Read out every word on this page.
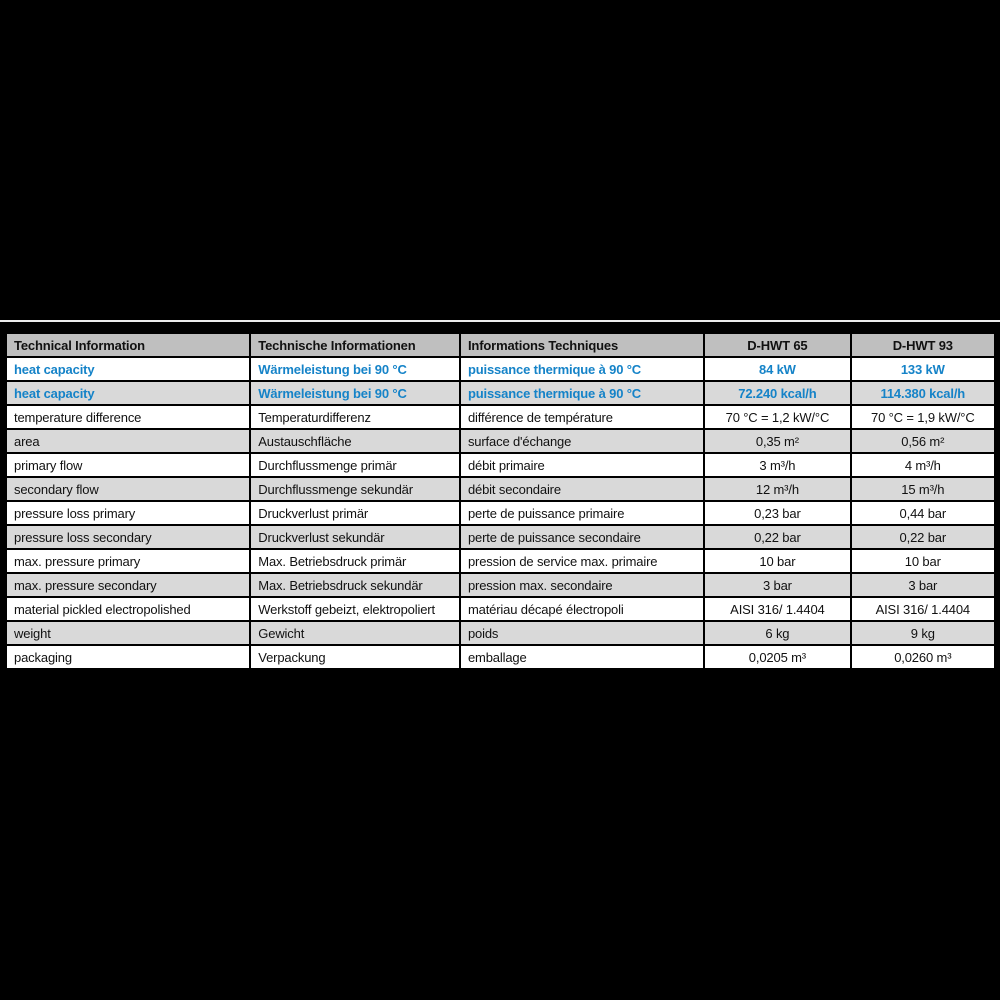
Technical Information	Technische Informationen	Informations Techniques	D-HWT 65	D-HWT 93
heat capacity	Wärmeleistung bei 90 °C	puissance thermique à 90 °C	84 kW	133 kW
heat capacity	Wärmeleistung bei 90 °C	puissance thermique à 90 °C	72.240 kcal/h	114.380 kcal/h
temperature difference	Temperaturdifferenz	différence de température	70 °C = 1,2 kW/°C	70 °C = 1,9 kW/°C
area	Austauschfläche	surface d'échange	0,35 m²	0,56 m²
primary flow	Durchflussmenge primär	débit primaire	3 m³/h	4 m³/h
secondary flow	Durchflussmenge sekundär	débit secondaire	12 m³/h	15 m³/h
pressure loss primary	Druckverlust primär	perte de puissance primaire	0,23 bar	0,44 bar
pressure loss secondary	Druckverlust sekundär	perte de puissance secondaire	0,22 bar	0,22 bar
max. pressure primary	Max. Betriebsdruck primär	pression de service max. primaire	10 bar	10 bar
max. pressure secondary	Max. Betriebsdruck sekundär	pression max. secondaire	3 bar	3 bar
material pickled electropolished	Werkstoff gebeizt, elektropoliert	matériau décapé électropoli	AISI 316/ 1.4404	AISI 316/ 1.4404
weight	Gewicht	poids	6 kg	9 kg
packaging	Verpackung	emballage	0,0205 m³	0,0260 m³
